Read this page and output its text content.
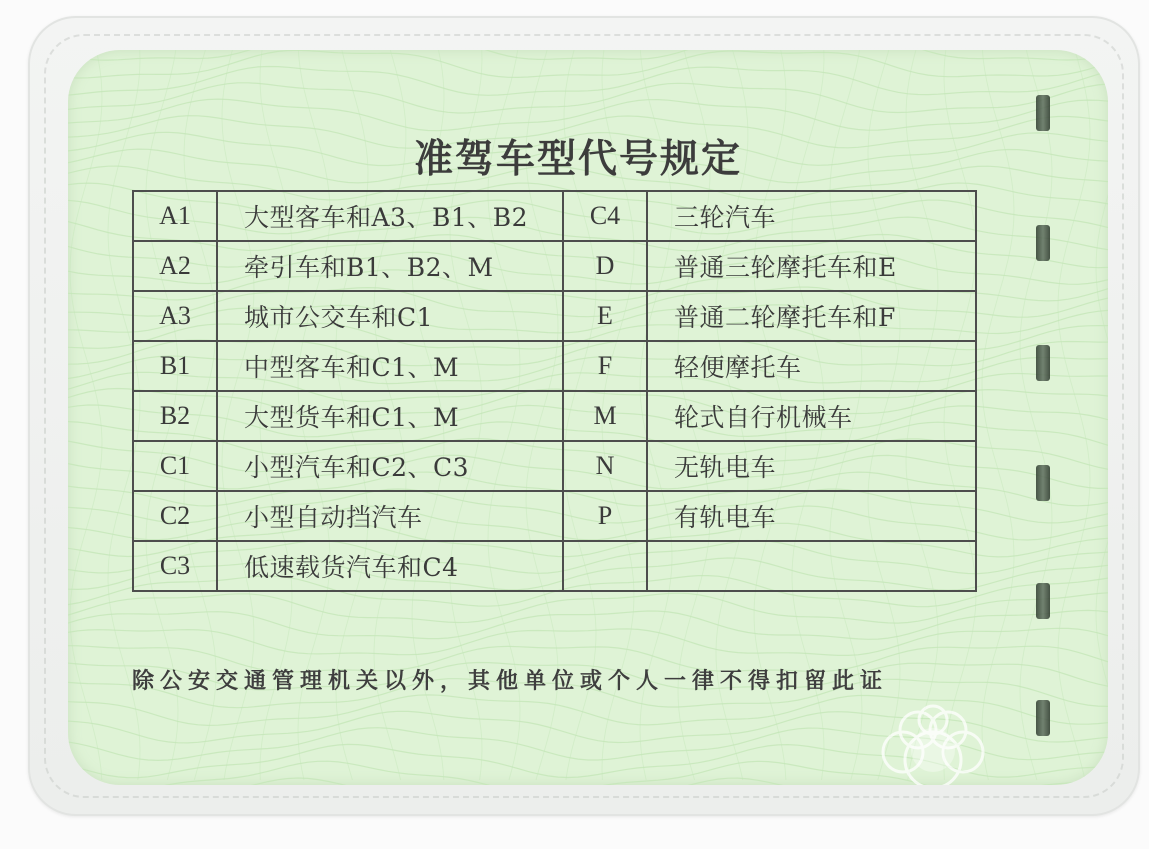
准驾车型代号规定
A1	大型客车和A3、B1、B2	C4	三轮汽车
A2	牵引车和B1、B2、M	D	普通三轮摩托车和E
A3	城市公交车和C1	E	普通二轮摩托车和F
B1	中型客车和C1、M	F	轻便摩托车
B2	大型货车和C1、M	M	轮式自行机械车
C1	小型汽车和C2、C3	N	无轨电车
C2	小型自动挡汽车	P	有轨电车
C3	低速载货汽车和C4		
除公安交通管理机关以外，其他单位或个人一律不得扣留此证
